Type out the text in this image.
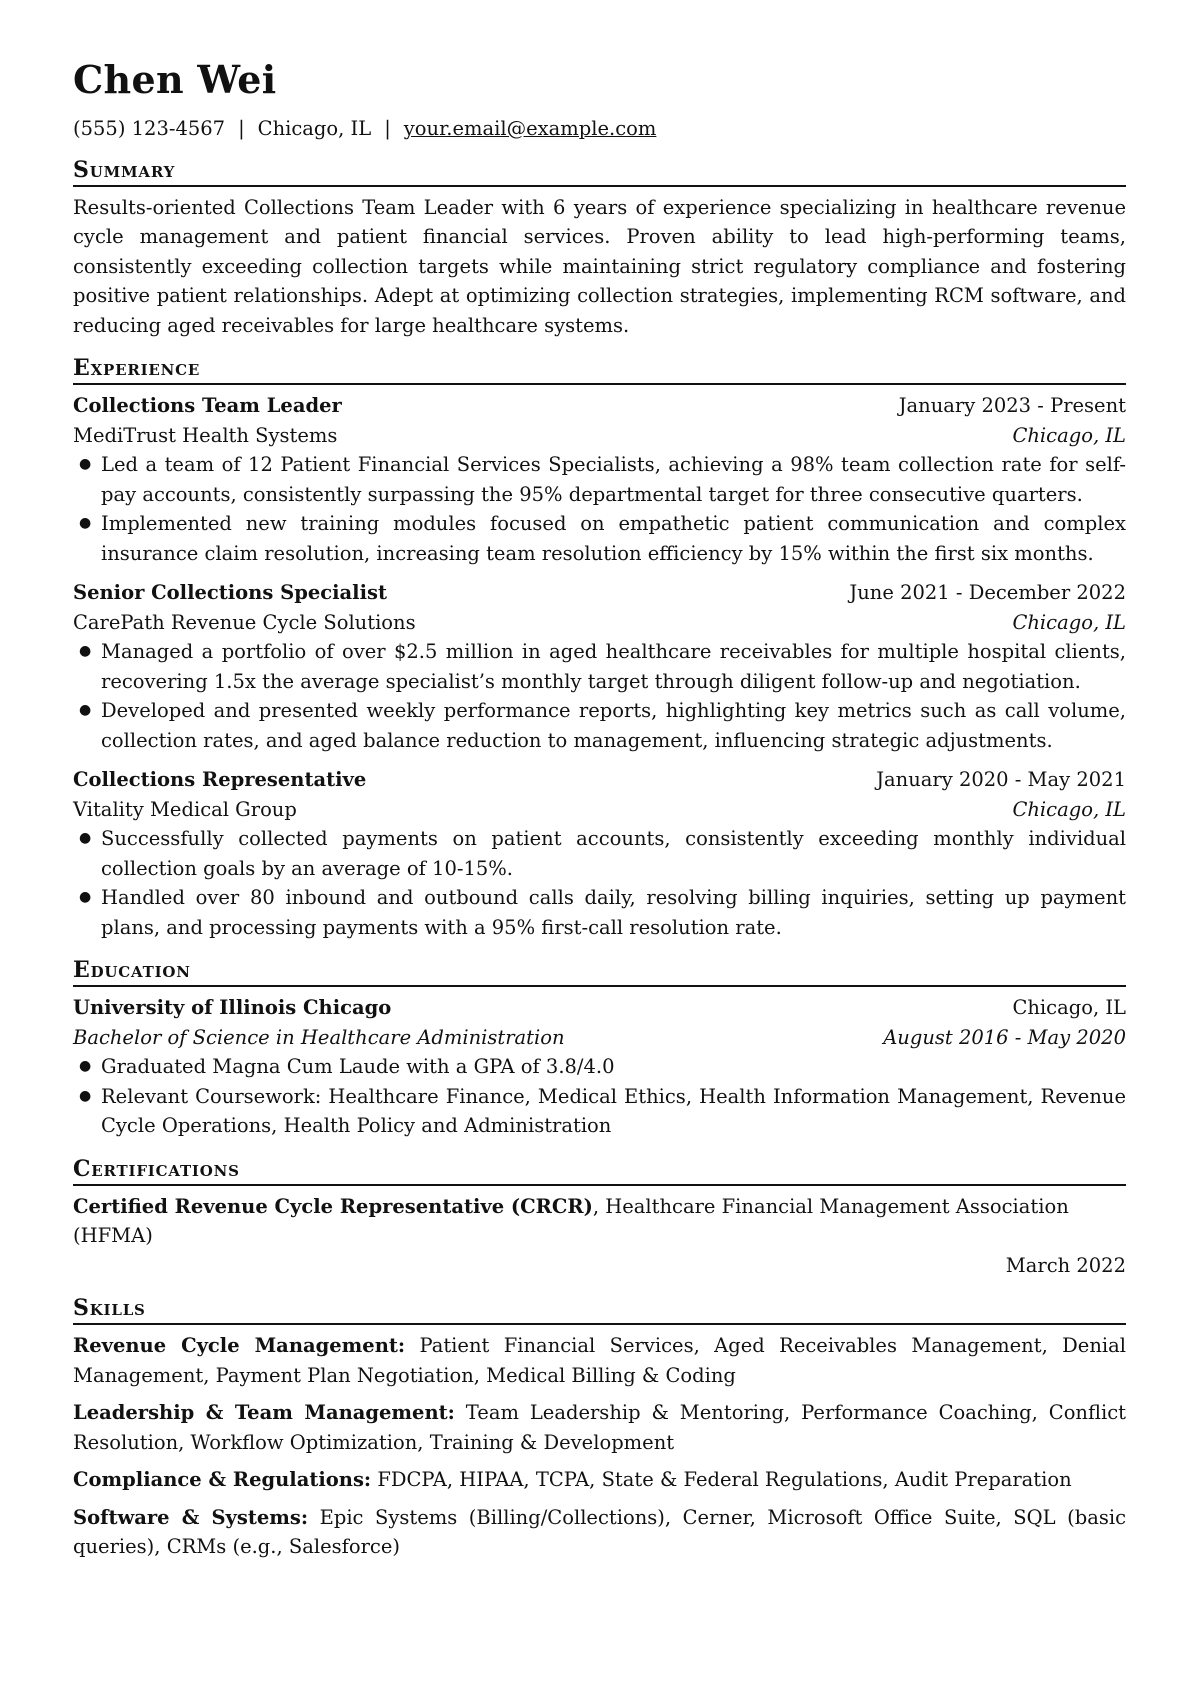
Chen Wei
(555) 123-4567 | Chicago, IL | your.email@example.com
Summary

Results-oriented Collections Team Leader with 6 years of experience specializing in healthcare revenue cycle management and patient financial services. Proven ability to lead high-performing teams, consistently exceeding collection targets while maintaining strict regulatory compliance and fostering positive patient relationships. Adept at optimizing collection strategies, implementing RCM software, and reducing aged receivables for large healthcare systems.

Experience
Collections Team Leader	January 2023 - Present
MediTrust Health Systems	Chicago, IL
● Led a team of 12 Patient Financial Services Specialists, achieving a 98% team collection rate for self-pay accounts, consistently surpassing the 95% departmental target for three consecutive quarters.
● Implemented new training modules focused on empathetic patient communication and complex insurance claim resolution, increasing team resolution efficiency by 15% within the first six months.
Senior Collections Specialist	June 2021 - December 2022
CarePath Revenue Cycle Solutions	Chicago, IL
● Managed a portfolio of over $2.5 million in aged healthcare receivables for multiple hospital clients, recovering 1.5x the average specialist’s monthly target through diligent follow-up and negotiation.
● Developed and presented weekly performance reports, highlighting key metrics such as call volume, collection rates, and aged balance reduction to management, influencing strategic adjustments.
Collections Representative	January 2020 - May 2021
Vitality Medical Group	Chicago, IL
● Successfully collected payments on patient accounts, consistently exceeding monthly individual collection goals by an average of 10-15%.
● Handled over 80 inbound and outbound calls daily, resolving billing inquiries, setting up payment plans, and processing payments with a 95% first-call resolution rate.
Education
University of Illinois Chicago	Chicago, IL
Bachelor of Science in Healthcare Administration	August 2016 - May 2020
● Graduated Magna Cum Laude with a GPA of 3.8/4.0
● Relevant Coursework: Healthcare Finance, Medical Ethics, Health Information Management, Revenue Cycle Operations, Health Policy and Administration
Certifications
Certified Revenue Cycle Representative (CRCR), Healthcare Financial Management Association (HFMA)
March 2022
Skills

Revenue Cycle Management: Patient Financial Services, Aged Receivables Management, Denial Management, Payment Plan Negotiation, Medical Billing & Coding

Leadership & Team Management: Team Leadership & Mentoring, Performance Coaching, Conflict Resolution, Workflow Optimization, Training & Development

Compliance & Regulations: FDCPA, HIPAA, TCPA, State & Federal Regulations, Audit Preparation

Software & Systems: Epic Systems (Billing/Collections), Cerner, Microsoft Office Suite, SQL (basic queries), CRMs (e.g., Salesforce)
